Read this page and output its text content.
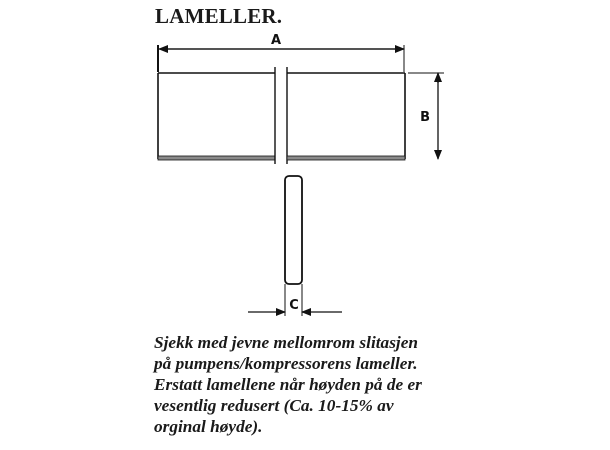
LAMELLER.
A
B
C
Sjekk med jevne mellomrom slitasjen
på pumpens/kompressorens lameller.
Erstatt lamellene når høyden på de er
vesentlig redusert (Ca. 10-15% av
orginal høyde).
